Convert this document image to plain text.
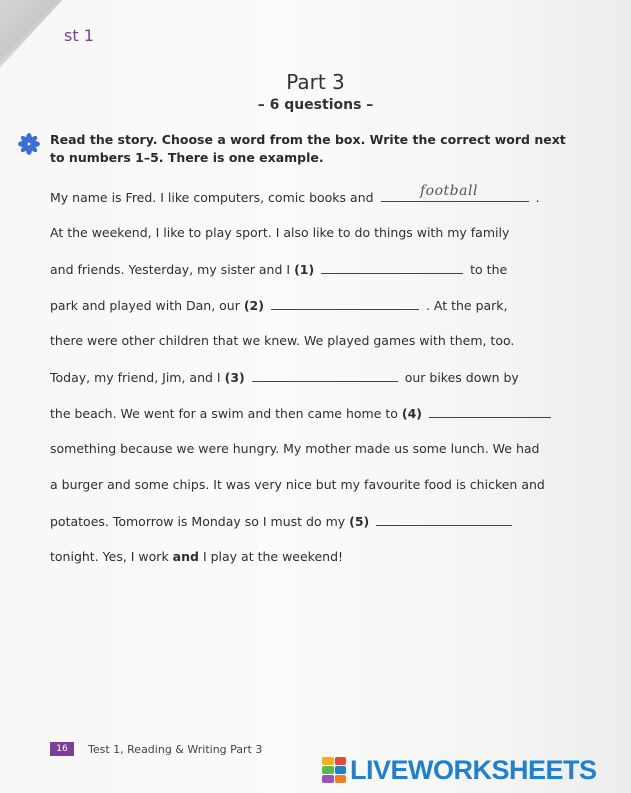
st 1
Part 3
– 6 questions –
Read the story. Choose a word from the box. Write the correct word next to numbers 1–5. There is one example.
My name is Fred. I like computers, comic books and	.
football
At the weekend, I like to play sport. I also like to do things with my family
and friends. Yesterday, my sister and I (1)	to the
park and played with Dan, our (2)	. At the park,
there were other children that we knew. We played games with them, too.
Today, my friend, Jim, and I (3)	our bikes down by
the beach. We went for a swim and then came home to (4)
something because we were hungry. My mother made us some lunch. We had
a burger and some chips. It was very nice but my favourite food is chicken and
potatoes. Tomorrow is Monday so I must do my (5)
tonight. Yes, I work and I play at the weekend!
16	Test 1, Reading & Writing Part 3
LIVEWORKSHEETS
